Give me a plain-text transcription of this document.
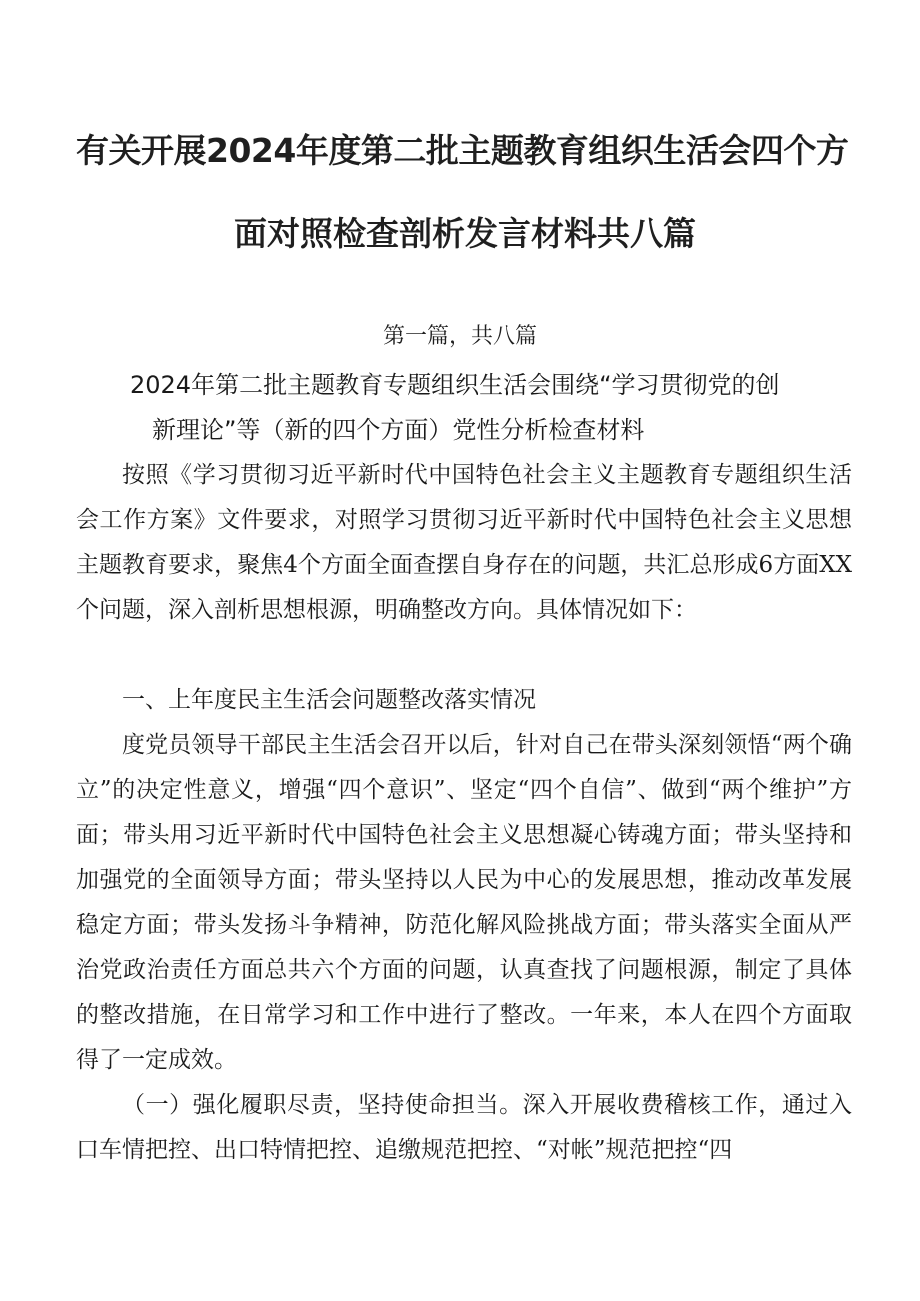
有关开展2024年度第二批主题教育组织生活会四个方
面对照检查剖析发言材料共八篇
第一篇，共八篇
2024年第二批主题教育专题组织生活会围绕“学习贯彻党的创
新理论”等（新的四个方面）党性分析检查材料

按照《学习贯彻习近平新时代中国特色社会主义主题教育专题组织生活会工作方案》文件要求，对照学习贯彻习近平新时代中国特色社会主义思想主题教育要求，聚焦4个方面全面查摆自身存在的问题，共汇总形成6方面XX个问题，深入剖析思想根源，明确整改方向。具体情况如下：

一、上年度民主生活会问题整改落实情况

度党员领导干部民主生活会召开以后，针对自己在带头深刻领悟“两个确立”的决定性意义，增强“四个意识”、坚定“四个自信”、做到“两个维护”方面；带头用习近平新时代中国特色社会主义思想凝心铸魂方面；带头坚持和加强党的全面领导方面；带头坚持以人民为中心的发展思想，推动改革发展稳定方面；带头发扬斗争精神，防范化解风险挑战方面；带头落实全面从严治党政治责任方面总共六个方面的问题，认真查找了问题根源，制定了具体的整改措施，在日常学习和工作中进行了整改。一年来，本人在四个方面取得了一定成效。

（一）强化履职尽责，坚持使命担当。深入开展收费稽核工作，通过入口车情把控、出口特情把控、追缴规范把控、“对帐”规范把控“四
